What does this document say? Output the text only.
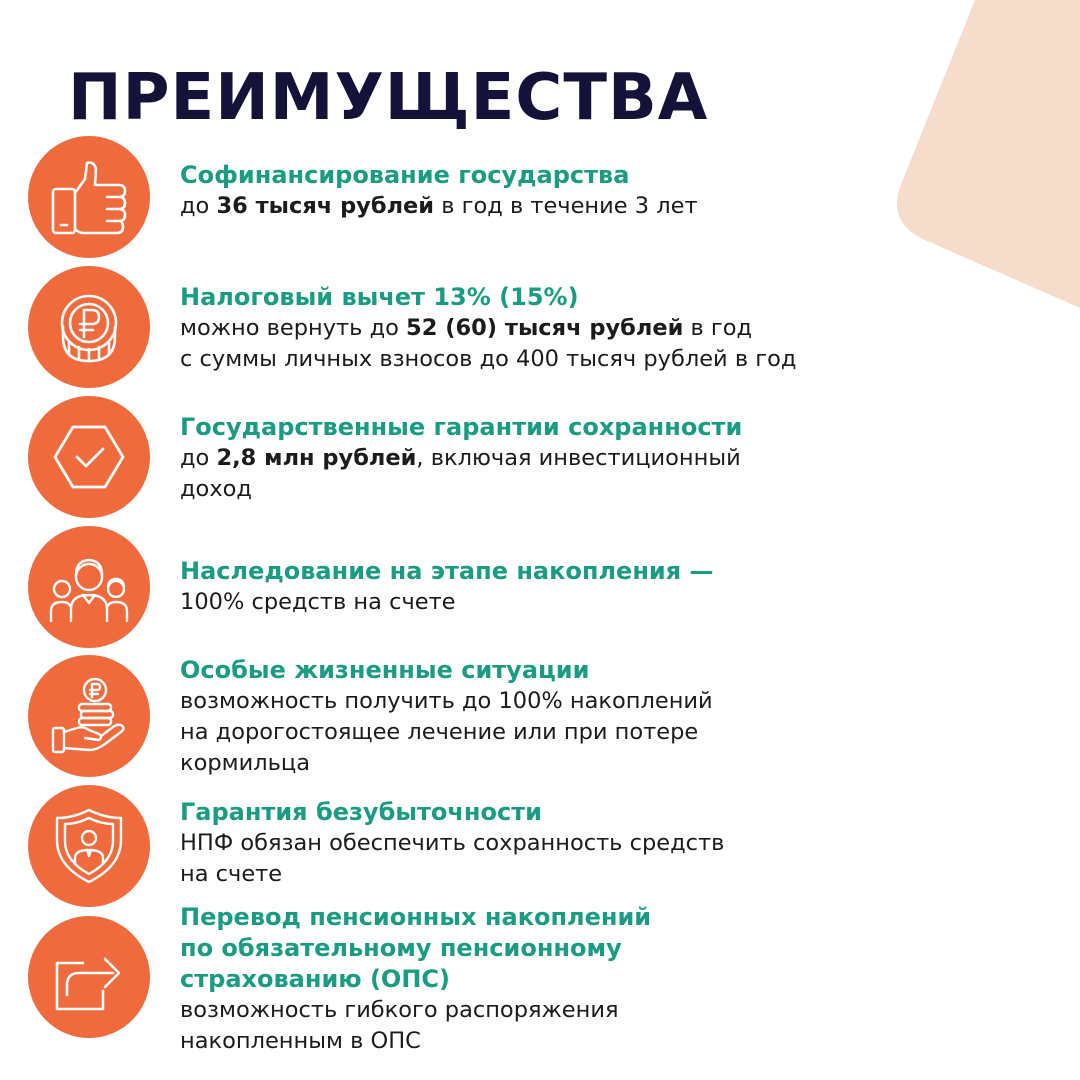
ПРЕИМУЩЕСТВА
Софинансирование государства
до 36 тысяч рублей в год в течение 3 лет
Налоговый вычет 13% (15%)
можно вернуть до 52 (60) тысяч рублей в год
с суммы личных взносов до 400 тысяч рублей в год
Государственные гарантии сохранности
до 2,8 млн рублей, включая инвестиционный
доход
Наследование на этапе накопления —
100% средств на счете
Особые жизненные ситуации
возможность получить до 100% накоплений
на дорогостоящее лечение или при потере
кормильца
Гарантия безубыточности
НПФ обязан обеспечить сохранность средств
на счете
Перевод пенсионных накоплений
по обязательному пенсионному
страхованию (ОПС)
возможность гибкого распоряжения
накопленным в ОПС
